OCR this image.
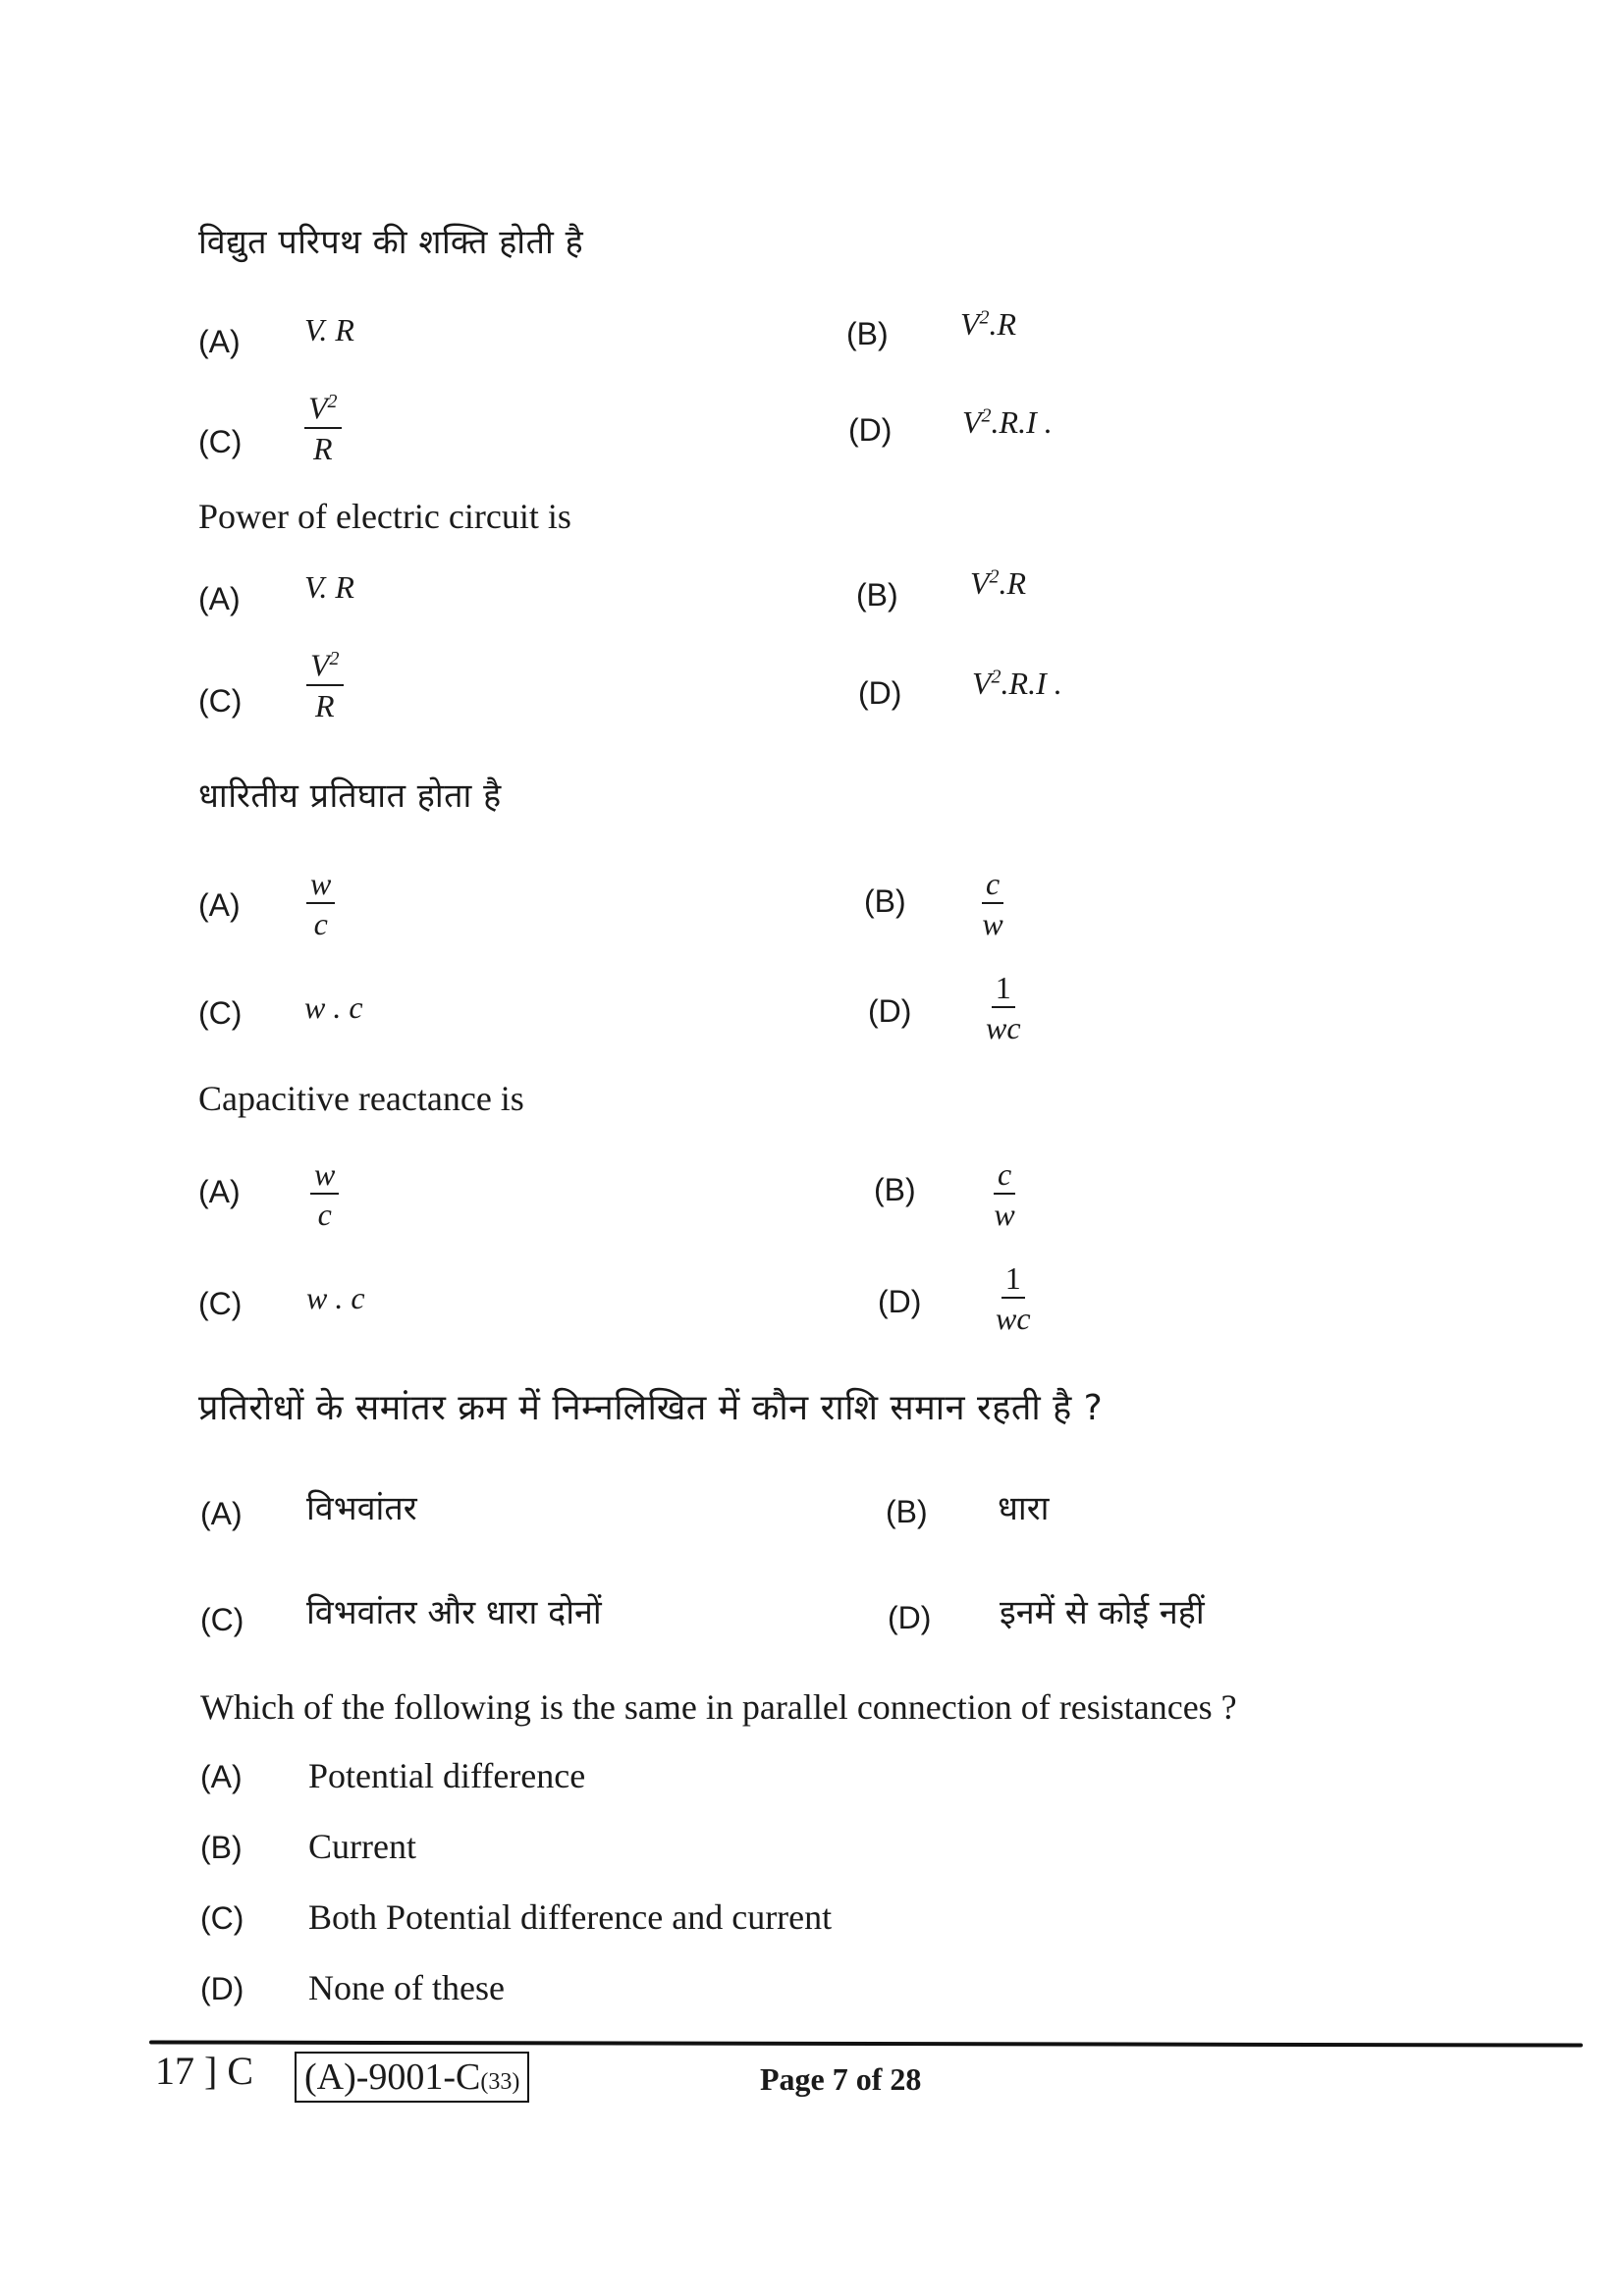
विद्युत परिपथ की शक्ति होती है
(A) V. R	(B) $V^2.R$
$(C) \frac{V^2}{R}$	(D) $V^2.R.I$ .
Power of electric circuit is
(A) V. R	(B) $V^2.R$
$(C) \frac{V^2}{R}$	(D) $V^2.R.I$ .
धारितीय प्रतिघात होता है
$(A) \frac{w}{c}$	$(B) \frac{c}{w}$
(C) w . c	$(D) \frac{1}{wc}$
Capacitive reactance is
$(A) \frac{w}{c}$	$(B) \frac{c}{w}$
(C) w . c	$(D) \frac{1}{wc}$
प्रतिरोधों के समांतर क्रम में निम्नलिखित में कौन राशि समान रहती है ?
(A) विभवांतर	(B) धारा
(C) विभवांतर और धारा दोनों	(D) इनमें से कोई नहीं
Which of the following is the same in parallel connection of resistances ?
(A) Potential difference
(B) Current
(C) Both Potential difference and current
(D) None of these
17 ] C (A)-9001-C(33)	Page 7 of 28
